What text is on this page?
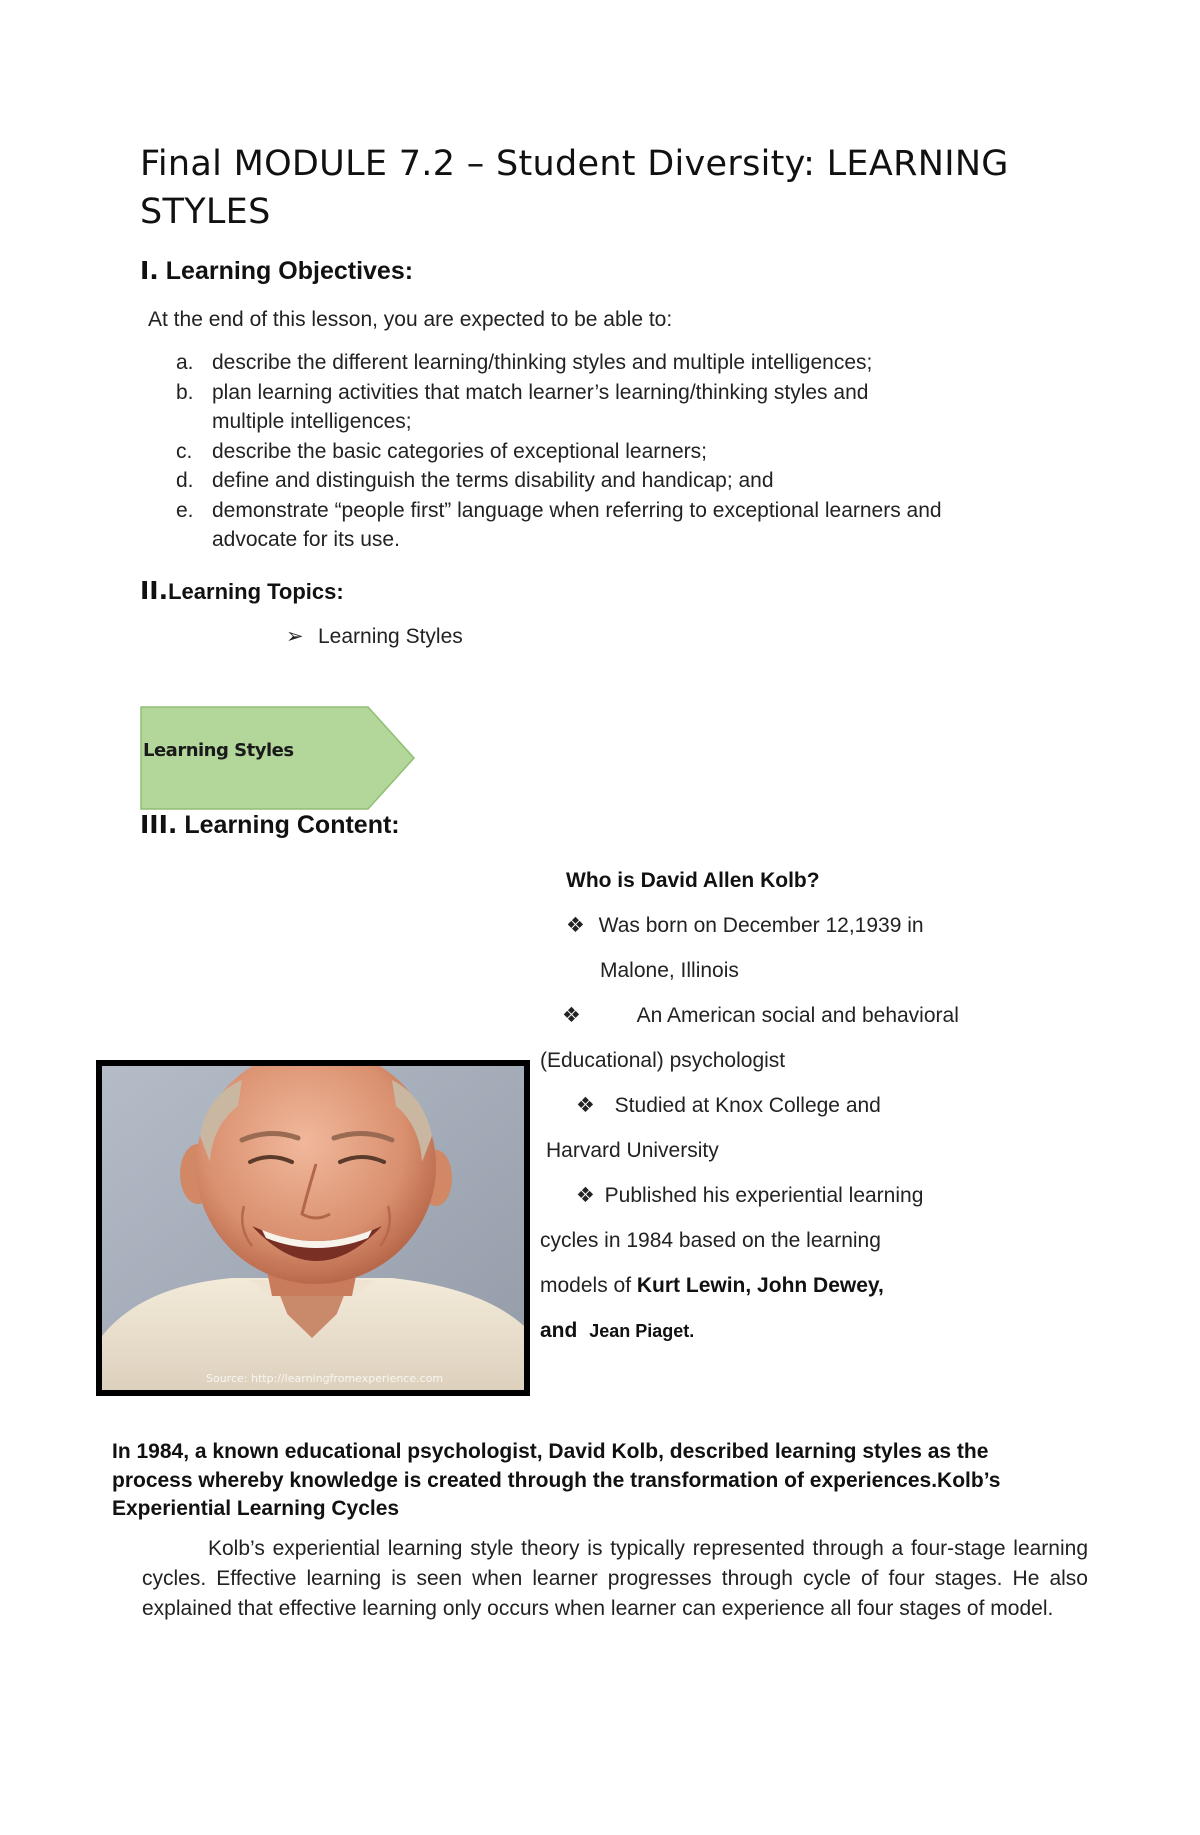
Final MODULE 7.2 – Student Diversity: LEARNING STYLES
I. Learning Objectives:
At the end of this lesson, you are expected to be able to:
a. describe the different learning/thinking styles and multiple intelligences;
b. plan learning activities that match learner’s learning/thinking styles and
multiple intelligences;
c. describe the basic categories of exceptional learners;
d. define and distinguish the terms disability and handicap; and
e. demonstrate “people first” language when referring to exceptional learners and
advocate for its use.
II.Learning Topics:
➢ Learning Styles
Learning Styles
III. Learning Content:
Who is David Allen Kolb?
❖ Was born on December 12,1939 in
Malone, Illinois
❖	An American social and behavioral
(Educational) psychologist
❖ Studied at Knox College and
Harvard University
❖ Published his experiential learning
cycles in 1984 based on the learning
models of Kurt Lewin, John Dewey,
and Jean Piaget.
Source: http://learningfromexperience.com

In 1984, a known educational psychologist, David Kolb, described learning styles as the
process whereby knowledge is created through the transformation of experiences.Kolb’s
Experiential Learning Cycles

Kolb’s experiential learning style theory is typically represented through a four-stage learning cycles. Effective learning is seen when learner progresses through cycle of four stages. He also explained that effective learning only occurs when learner can experience all four stages of model.
